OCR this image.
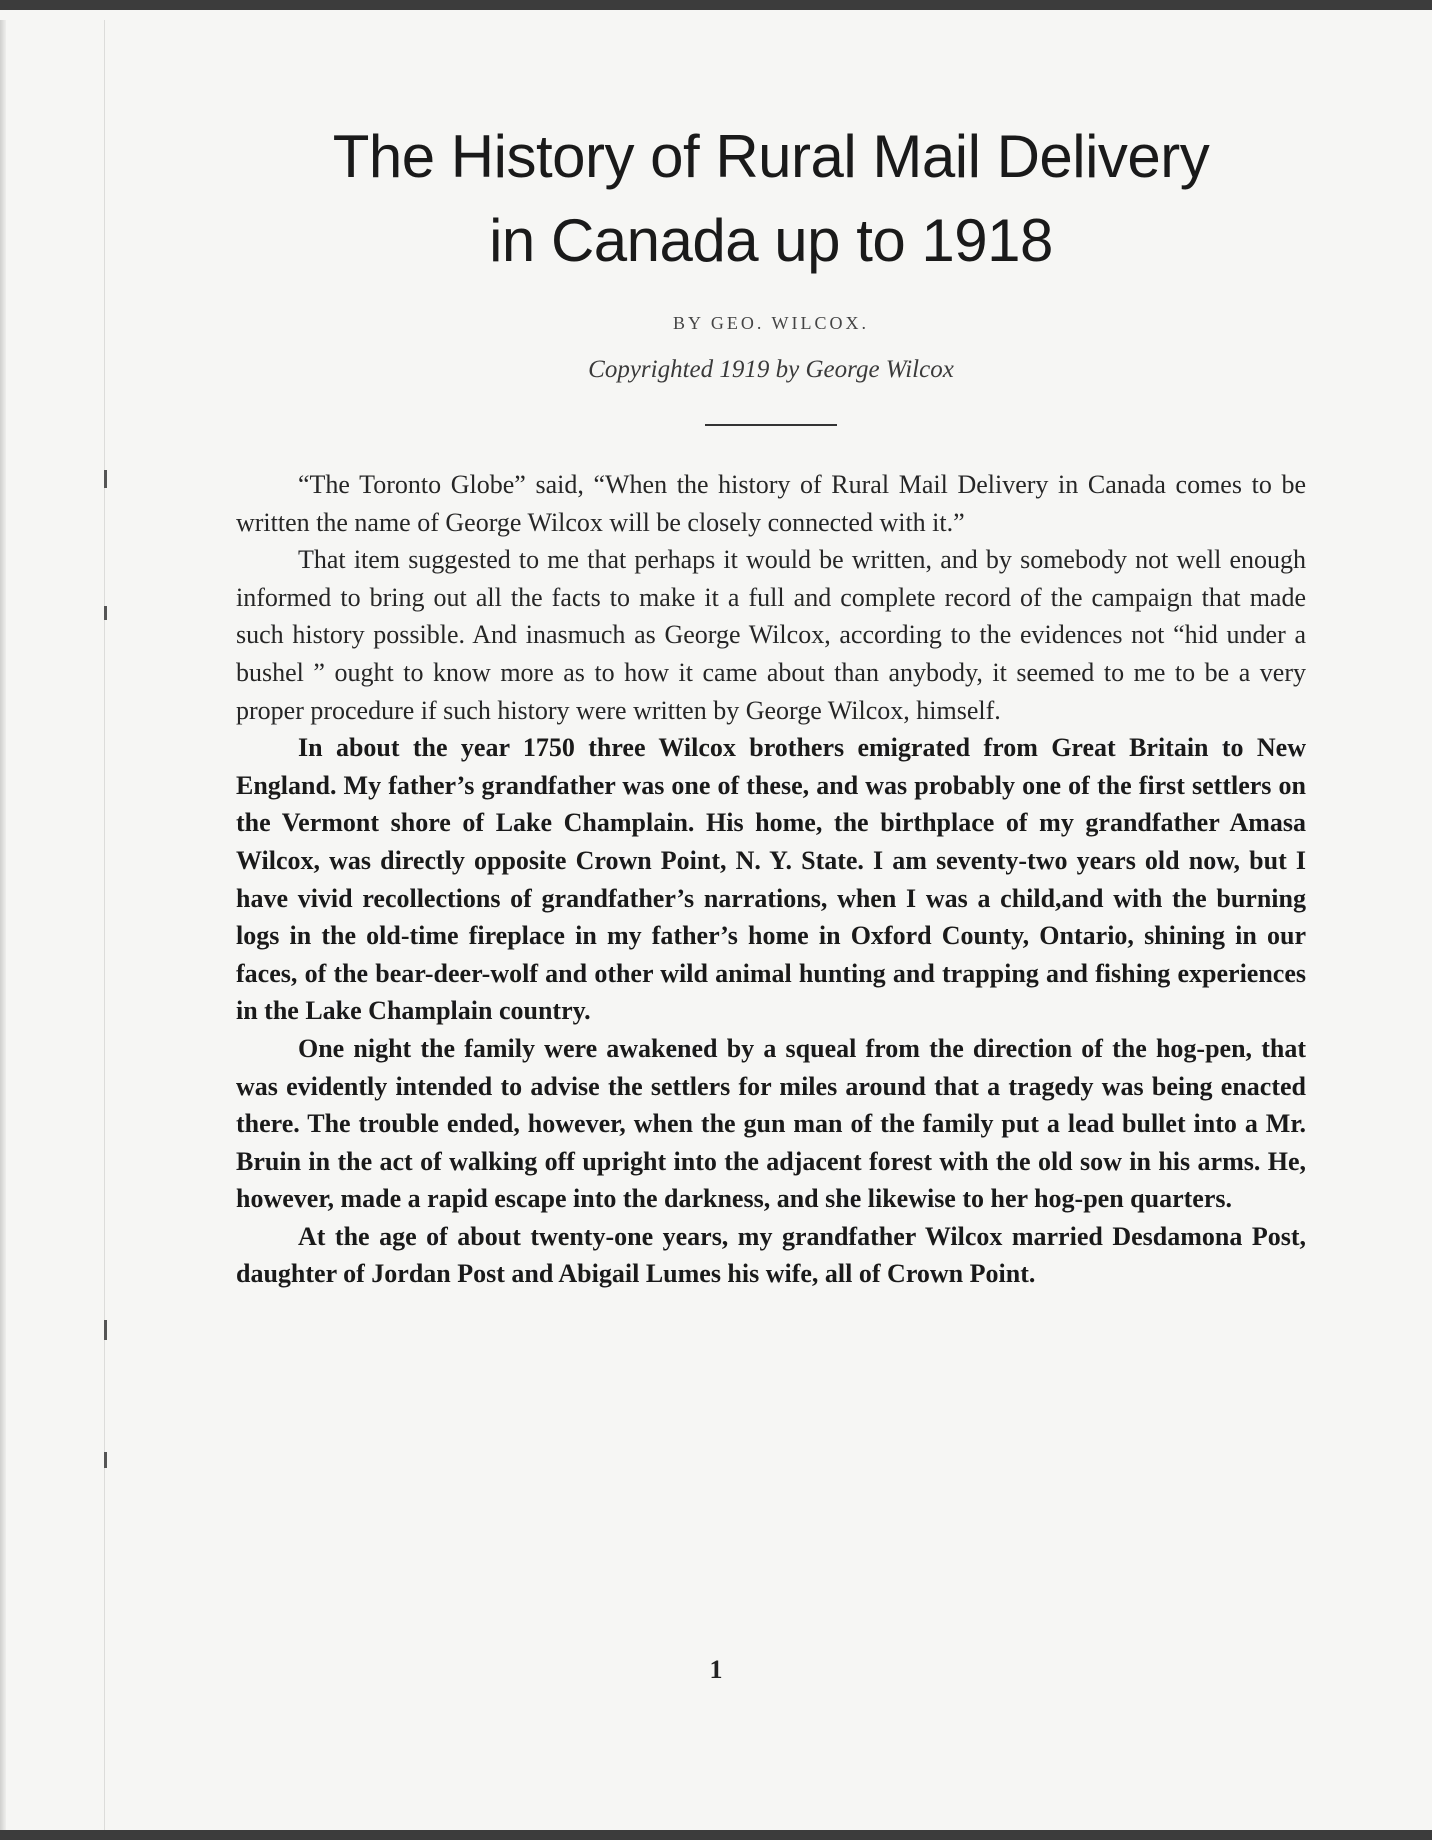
The History of Rural Mail Delivery
in Canada up to 1918
BY GEO. WILCOX.
Copyrighted 1919 by George Wilcox

“The Toronto Globe” said, “When the history of Rural Mail Delivery in Canada comes to be written the name of George Wilcox will be closely connected with it.”

That item suggested to me that perhaps it would be written, and by somebody not well enough informed to bring out all the facts to make it a full and complete record of the campaign that made such history possible. And inasmuch as George Wilcox, according to the evidences not “hid under a bushel ” ought to know more as to how it came about than anybody, it seemed to me to be a very proper procedure if such history were written by George Wilcox, himself.

In about the year 1750 three Wilcox brothers emigrated from Great Britain to New England. My father’s grandfather was one of these, and was probably one of the first settlers on the Vermont shore of Lake Champlain. His home, the birthplace of my grandfather Amasa Wilcox, was directly opposite Crown Point, N. Y. State. I am seventy-two years old now, but I have vivid recollections of grandfather’s narrations, when I was a child,and with the burning logs in the old-time fireplace in my father’s home in Oxford County, Ontario, shining in our faces, of the bear-deer-wolf and other wild animal hunting and trapping and fishing experiences in the Lake Champlain country.

One night the family were awakened by a squeal from the direction of the hog-pen, that was evidently intended to advise the settlers for miles around that a tragedy was being enacted there. The trouble ended, however, when the gun man of the family put a lead bullet into a Mr. Bruin in the act of walking off upright into the adjacent forest with the old sow in his arms. He, however, made a rapid escape into the darkness, and she likewise to her hog-pen quarters.

At the age of about twenty-one years, my grandfather Wilcox married Desdamona Post, daughter of Jordan Post and Abigail Lumes his wife, all of Crown Point.

1
